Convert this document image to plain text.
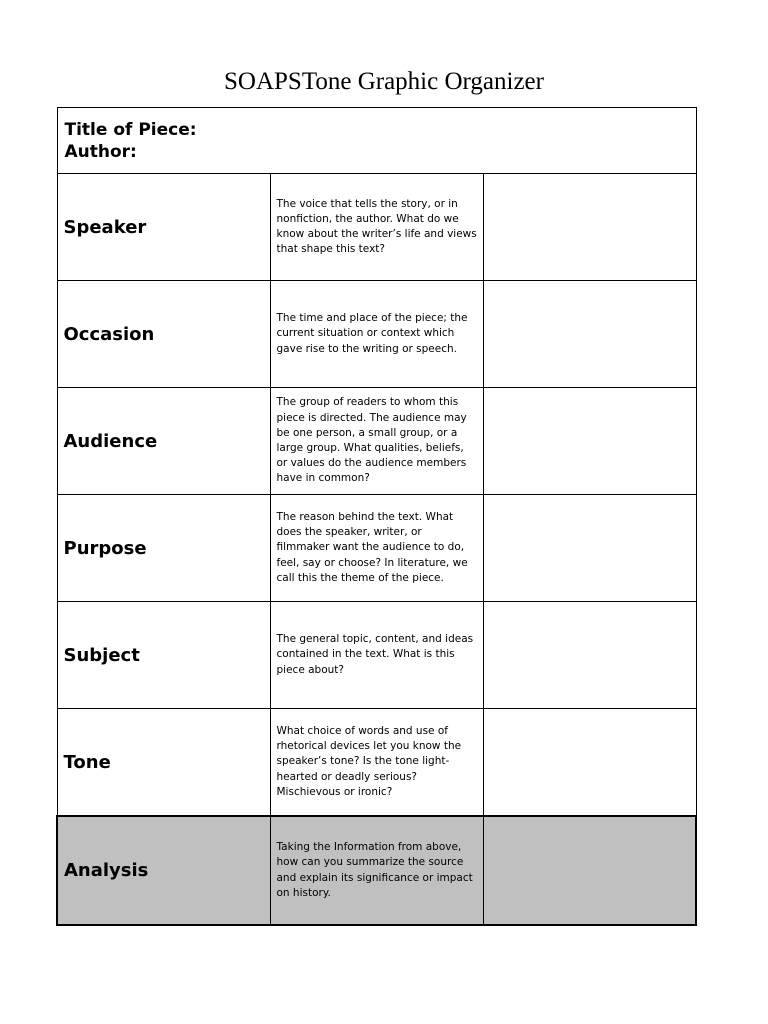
SOAPSTone Graphic Organizer
Title of Piece:
Author:		

Speaker	The voice that tells the story, or in nonfiction, the author. What do we know about the writer’s life and views that shape this text?	
Occasion	The time and place of the piece; the current situation or context which gave rise to the writing or speech.	
Audience	The group of readers to whom this piece is directed. The audience may be one person, a small group, or a large group. What qualities, beliefs, or values do the audience members have in common?	
Purpose	The reason behind the text. What does the speaker, writer, or filmmaker want the audience to do, feel, say or choose? In literature, we call this the theme of the piece.	
Subject	The general topic, content, and ideas contained in the text. What is this piece about?	
Tone	What choice of words and use of rhetorical devices let you know the speaker’s tone? Is the tone light-hearted or deadly serious? Mischievous or ironic?	
Analysis	Taking the Information from above, how can you summarize the source and explain its significance or impact on history.	
